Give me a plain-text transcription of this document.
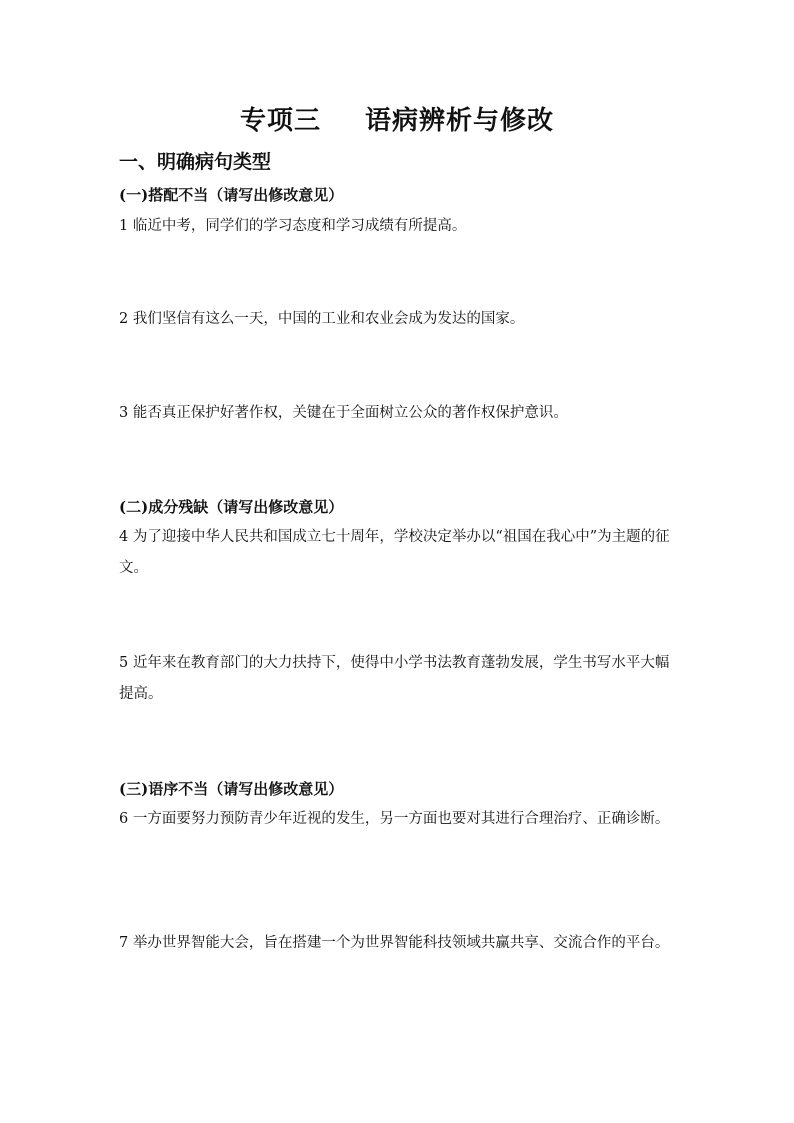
专项三 语病辨析与修改
一、明确病句类型
(一)搭配不当（请写出修改意见）
1 临近中考，同学们的学习态度和学习成绩有所提高。
2 我们坚信有这么一天，中国的工业和农业会成为发达的国家。
3 能否真正保护好著作权，关键在于全面树立公众的著作权保护意识。
(二)成分残缺（请写出修改意见）
4 为了迎接中华人民共和国成立七十周年，学校决定举办以“祖国在我心中”为主题的征文。
5 近年来在教育部门的大力扶持下，使得中小学书法教育蓬勃发展，学生书写水平大幅提高。
(三)语序不当（请写出修改意见）
6 一方面要努力预防青少年近视的发生，另一方面也要对其进行合理治疗、正确诊断。
7 举办世界智能大会，旨在搭建一个为世界智能科技领域共赢共享、交流合作的平台。
